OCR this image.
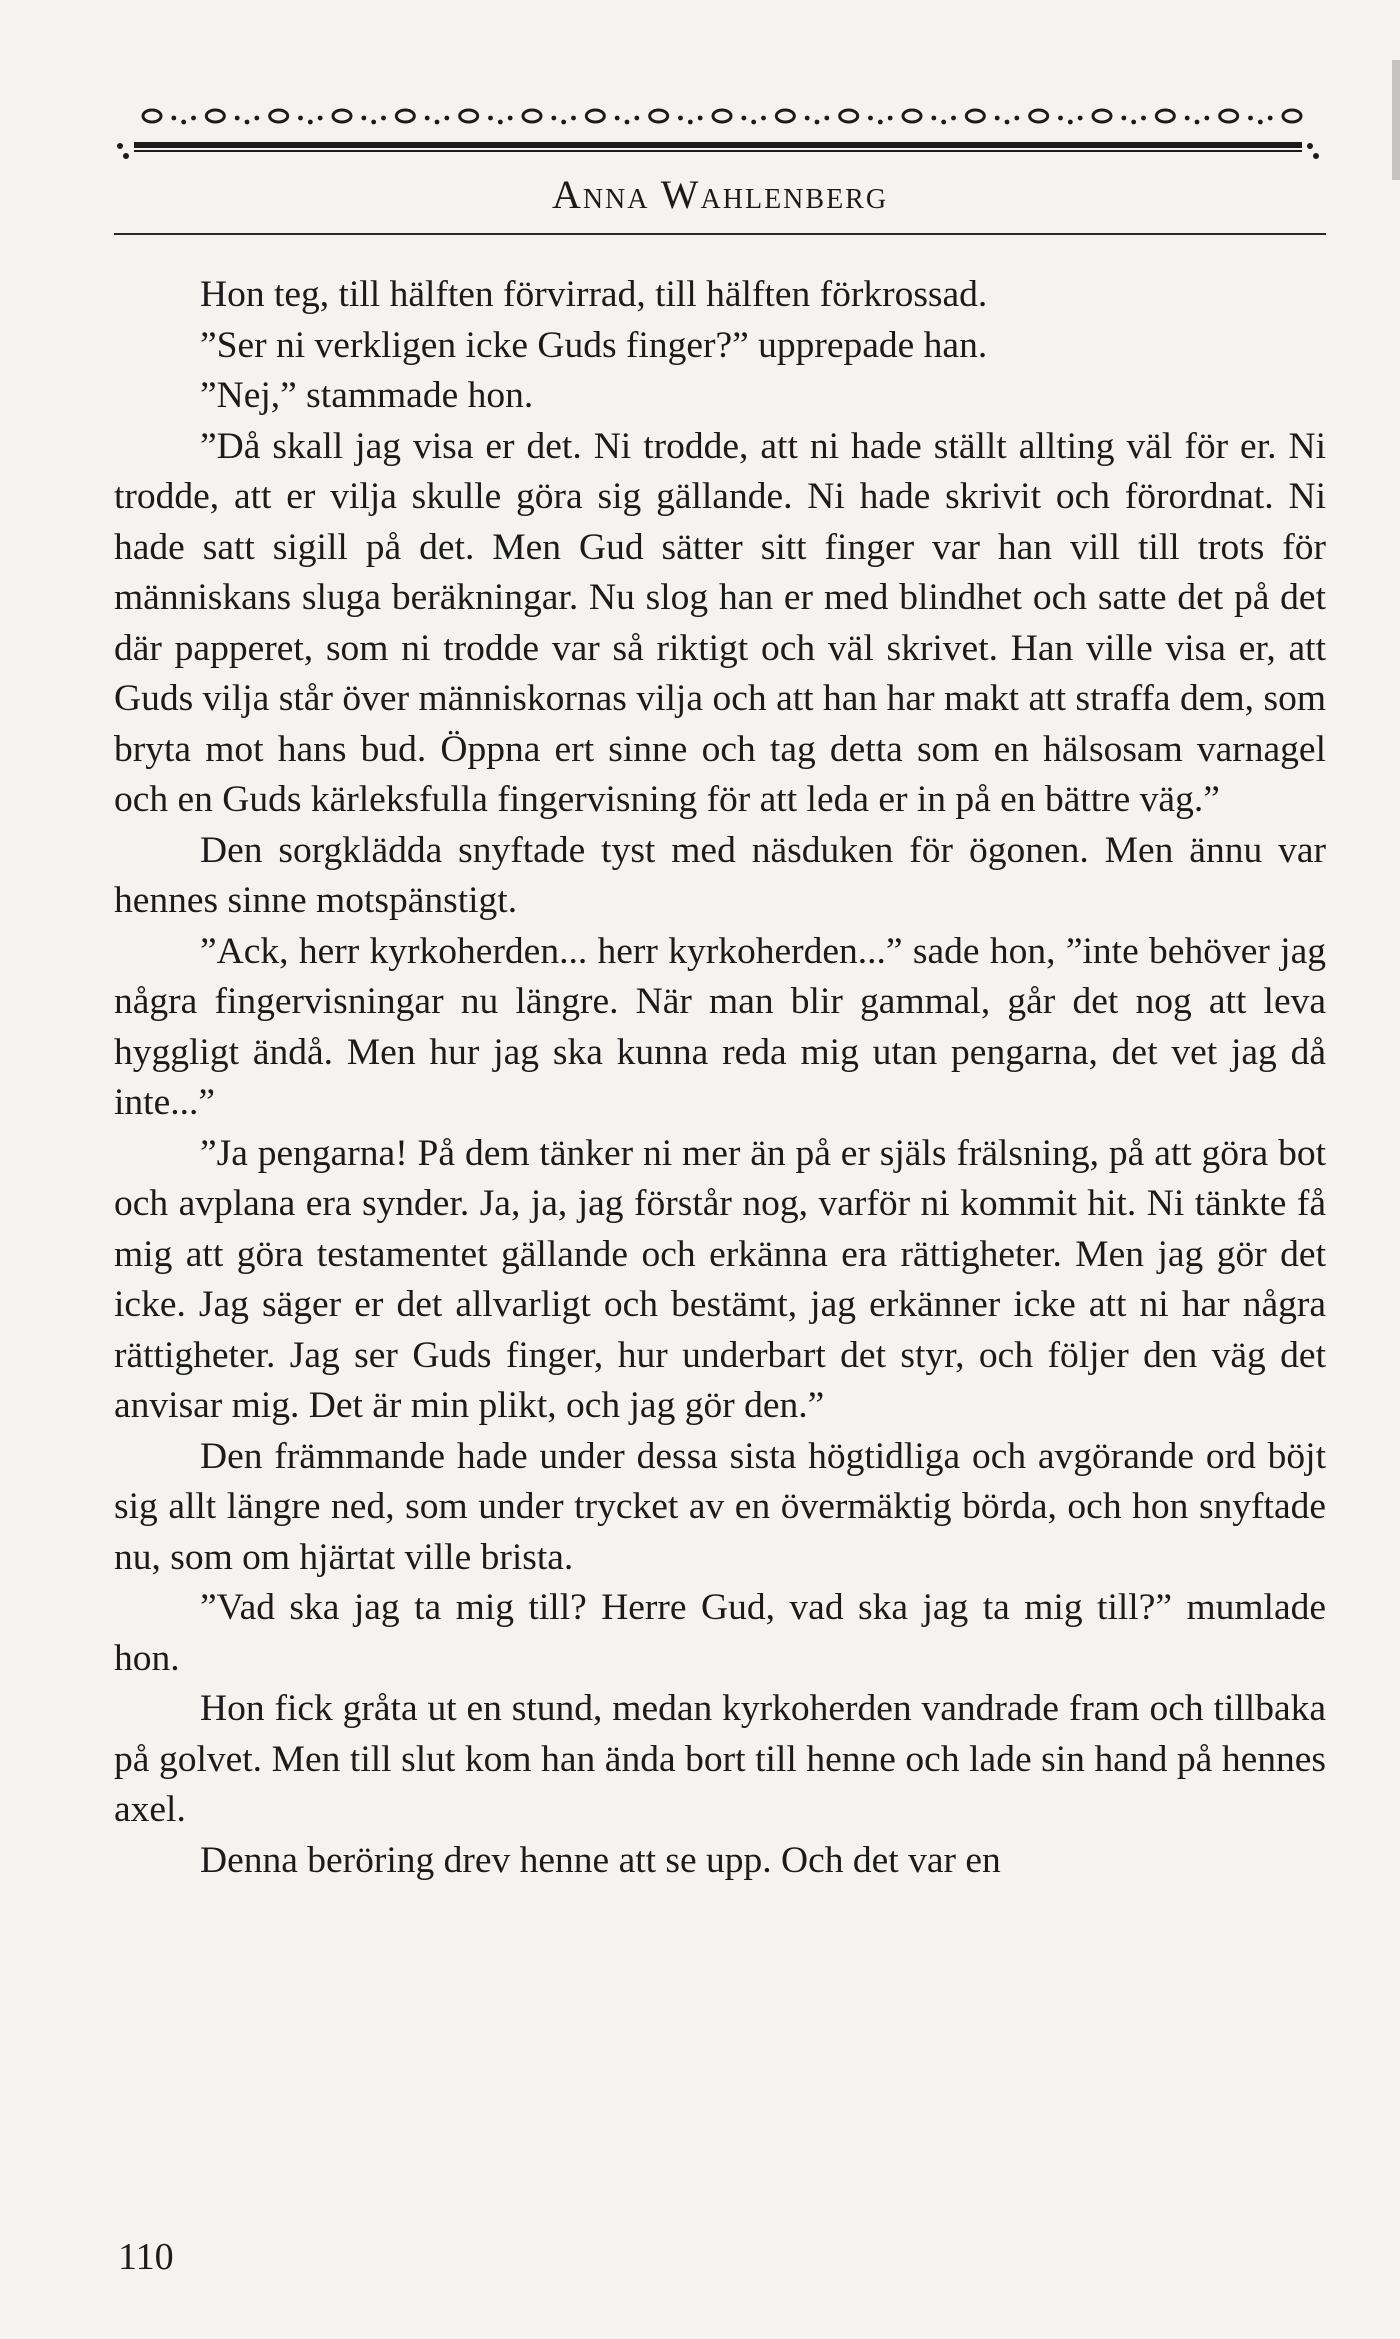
Anna Wahlenberg

Hon teg, till hälften förvirrad, till hälften förkrossad.

”Ser ni verkligen icke Guds finger?” upprepade han.

”Nej,” stammade hon.

”Då skall jag visa er det. Ni trodde, att ni hade ställt allting väl för er. Ni trodde, att er vilja skulle göra sig gällande. Ni hade skrivit och förordnat. Ni hade satt sigill på det. Men Gud sätter sitt finger var han vill till trots för människans sluga beräkningar. Nu slog han er med blindhet och satte det på det där papperet, som ni trodde var så riktigt och väl skrivet. Han ville visa er, att Guds vilja står över människornas vilja och att han har makt att straffa dem, som bryta mot hans bud. Öppna ert sinne och tag detta som en hälsosam varnagel och en Guds kärleksfulla fingervisning för att leda er in på en bättre väg.”

Den sorgklädda snyftade tyst med näsduken för ögonen. Men ännu var hennes sinne motspänstigt.

”Ack, herr kyrkoherden... herr kyrkoherden...” sade hon, ”inte behöver jag några fingervisningar nu längre. När man blir gammal, går det nog att leva hyggligt ändå. Men hur jag ska kunna reda mig utan pengarna, det vet jag då inte...”

”Ja pengarna! På dem tänker ni mer än på er själs frälsning, på att göra bot och avplana era synder. Ja, ja, jag förstår nog, varför ni kommit hit. Ni tänkte få mig att göra testamentet gällande och erkänna era rättigheter. Men jag gör det icke. Jag säger er det allvarligt och bestämt, jag erkänner icke att ni har några rättigheter. Jag ser Guds finger, hur underbart det styr, och följer den väg det anvisar mig. Det är min plikt, och jag gör den.”

Den främmande hade under dessa sista högtidliga och avgörande ord böjt sig allt längre ned, som under trycket av en övermäktig börda, och hon snyftade nu, som om hjärtat ville brista.

”Vad ska jag ta mig till? Herre Gud, vad ska jag ta mig till?” mumlade hon.

Hon fick gråta ut en stund, medan kyrkoherden vandrade fram och tillbaka på golvet. Men till slut kom han ända bort till henne och lade sin hand på hennes axel.

Denna beröring drev henne att se upp. Och det var en

110
